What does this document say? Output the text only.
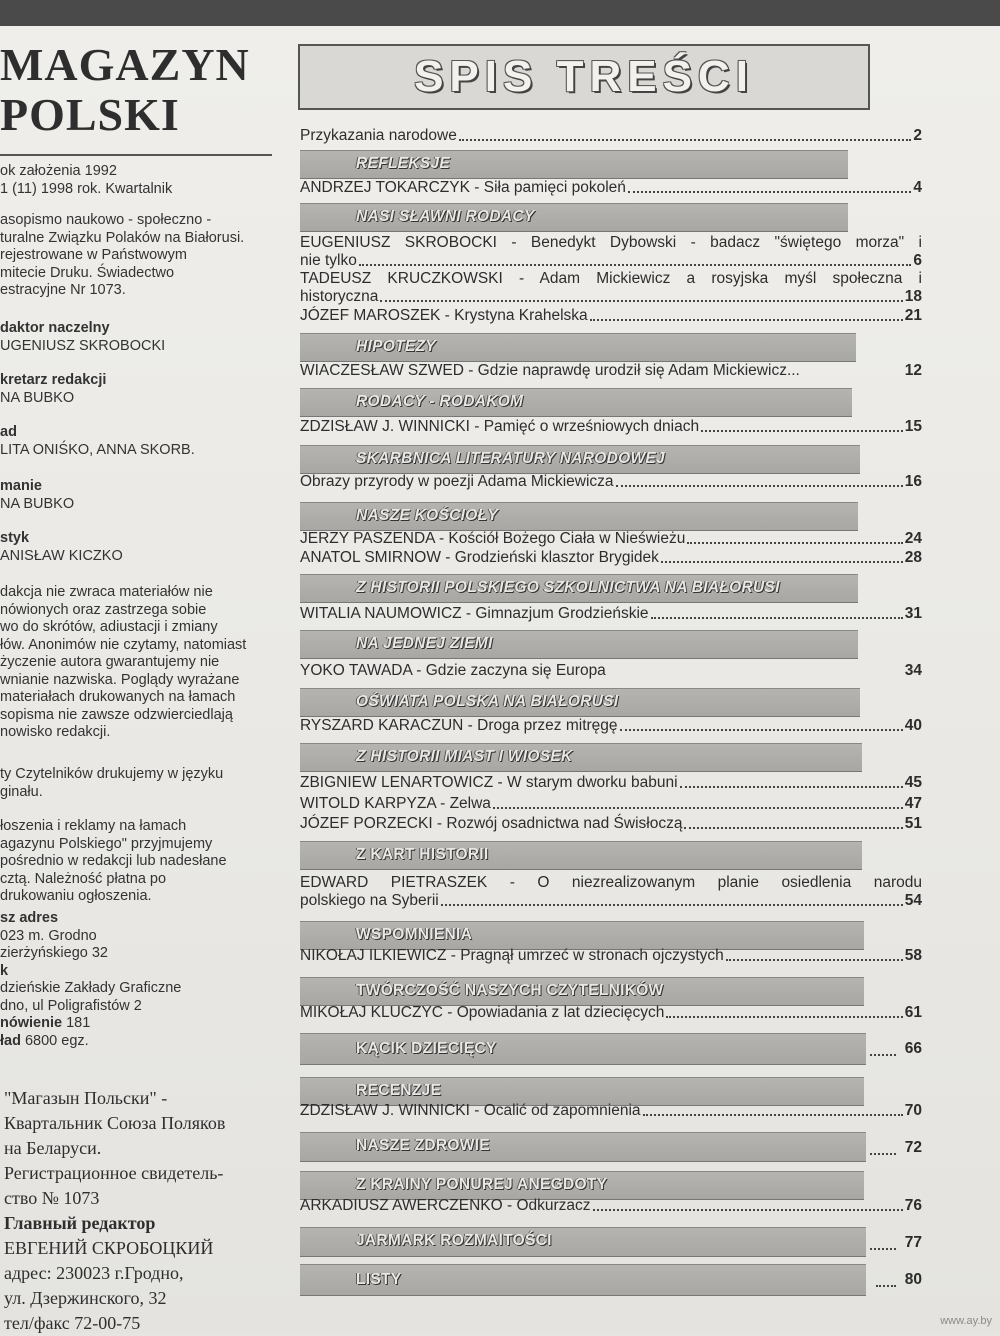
MAGAZYN
POLSKI
ok założenia 1992
1 (11) 1998 rok. Kwartalnik
asopismo naukowo - społeczno -
turalne Związku Polaków na Białorusi.
rejestrowane w Państwowym
mitecie Druku. Świadectwo
estracyjne Nr 1073.
daktor naczelny
UGENIUSZ SKROBOCKI
kretarz redakcji
NA BUBKO
ad
LITA ONIŚKO, ANNA SKORB.
manie
NA BUBKO
styk
ANISŁAW KICZKO
dakcja nie zwraca materiałów nie
nówionych oraz zastrzega sobie
wo do skrótów, adiustacji i zmiany
łów. Anonimów nie czytamy, natomiast
życzenie autora gwarantujemy nie
wnianie nazwiska. Poglądy wyrażane
materiałach drukowanych na łamach
sopisma nie zawsze odzwierciedlają
nowisko redakcji.
ty Czytelników drukujemy w języku
ginału.
łoszenia i reklamy na łamach
agazynu Polskiego" przyjmujemy
pośrednio w redakcji lub nadesłane
cztą. Należność płatna po
drukowaniu ogłoszenia.
sz adres
023 m. Grodno
zierżyńskiego 32
k
dzieńskie Zakłady Graficzne
dno, ul Poligrafistów 2
nówienie 181
ład 6800 egz.
"Магазын Польски" -
Квартальник Союза Поляков
на Беларуси.
Регистрационное свидетель-
ство № 1073
Главный редактор
ЕВГЕНИЙ СКРОБОЦКИЙ
адрес: 230023 г.Гродно,
ул. Дзержинского, 32
тел/факс 72-00-75
SPIS TREŚCI
Przykazania narodowe	2
REFLEKSJE
ANDRZEJ TOKARCZYK - Siła pamięci pokoleń	4
NASI SŁAWNI RODACY
EUGENIUSZ SKROBOCKI - Benedykt Dybowski - badacz "świętego morza" i
nie tylko	6
TADEUSZ KRUCZKOWSKI - Adam Mickiewicz a rosyjska myśl społeczna i
historyczna	18
JÓZEF MAROSZEK - Krystyna Krahelska	21
HIPOTEZY
WIACZESŁAW SZWED - Gdzie naprawdę urodził się Adam Mickiewicz...	12
RODACY - RODAKOM
ZDZISŁAW J. WINNICKI - Pamięć o wrześniowych dniach	15
SKARBNICA LITERATURY NARODOWEJ
Obrazy przyrody w poezji Adama Mickiewicza	16
NASZE KOŚCIOŁY
JERZY PASZENDA - Kościół Bożego Ciała w Nieświeżu	24
ANATOL SMIRNOW - Grodzieński klasztor Brygidek	28
Z HISTORII POLSKIEGO SZKOLNICTWA NA BIAŁORUSI
WITALIA NAUMOWICZ - Gimnazjum Grodzieńskie	31
NA JEDNEJ ZIEMI
YOKO TAWADA - Gdzie zaczyna się Europa	34
OŚWIATA POLSKA NA BIAŁORUSI
RYSZARD KARACZUN - Droga przez mitręgę	40
Z HISTORII MIAST I WIOSEK
ZBIGNIEW LENARTOWICZ - W starym dworku babuni	45
WITOLD KARPYZA - Zelwa	47
JÓZEF PORZECKI - Rozwój osadnictwa nad Świsłoczą	51
Z KART HISTORII
EDWARD PIETRASZEK - O niezrealizowanym planie osiedlenia narodu
polskiego na Syberii	54
WSPOMNIENIA
NIKOŁAJ ILKIEWICZ - Pragnął umrzeć w stronach ojczystych	58
TWÓRCZOŚĆ NASZYCH CZYTELNIKÓW
MIKOŁAJ KLUCZYC - Opowiadania z lat dziecięcych	61
KĄCIK DZIECIĘCY	66
RECENZJE
ZDZISŁAW J. WINNICKI - Ocalić od zapomnienia	70
NASZE ZDROWIE	72
Z KRAINY PONUREJ ANEGDOTY
ARKADIUSZ AWERCZENKO - Odkurzacz	76
JARMARK ROZMAITOŚCI	77
LISTY	80
www.ay.by
